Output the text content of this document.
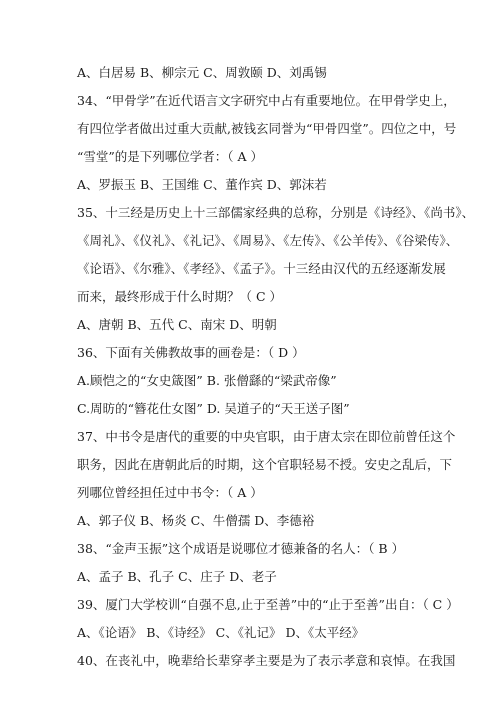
A、白居易 B、柳宗元 C、周敦颐 D、刘禹锡
34、“甲骨学”在近代语言文字研究中占有重要地位。在甲骨学史上，
有四位学者做出过重大贡献,被钱玄同誉为“甲骨四堂”。四位之中，号
“雪堂”的是下列哪位学者：（ A ）
A、罗振玉 B、王国维 C、董作宾 D、郭沫若
35、十三经是历史上十三部儒家经典的总称，分别是《诗经》、《尚书》、
《周礼》、《仪礼》、《礼记》、《周易》、《左传》、《公羊传》、《谷梁传》、
《论语》、《尔雅》、《孝经》、《孟子》。十三经由汉代的五经逐渐发展
而来，最终形成于什么时期？（ C ）
A、唐朝 B、五代 C、南宋 D、明朝
36、下面有关佛教故事的画卷是：（ D ）
A.顾恺之的“女史箴图” B. 张僧繇的“梁武帝像”
C.周昉的“簪花仕女图” D. 吴道子的“天王送子图”
37、中书令是唐代的重要的中央官职，由于唐太宗在即位前曾任这个
职务，因此在唐朝此后的时期，这个官职轻易不授。安史之乱后，下
列哪位曾经担任过中书令：（ A ）
A、郭子仪 B、杨炎 C、牛僧孺 D、李德裕
38、“金声玉振”这个成语是说哪位才德兼备的名人：（ B ）
A、孟子 B、孔子 C、庄子 D、老子
39、厦门大学校训“自强不息,止于至善”中的“止于至善”出自：（ C ）
A、《论语》 B、《诗经》 C、《礼记》 D、《太平经》
40、在丧礼中，晚辈给长辈穿孝主要是为了表示孝意和哀悼。在我国
